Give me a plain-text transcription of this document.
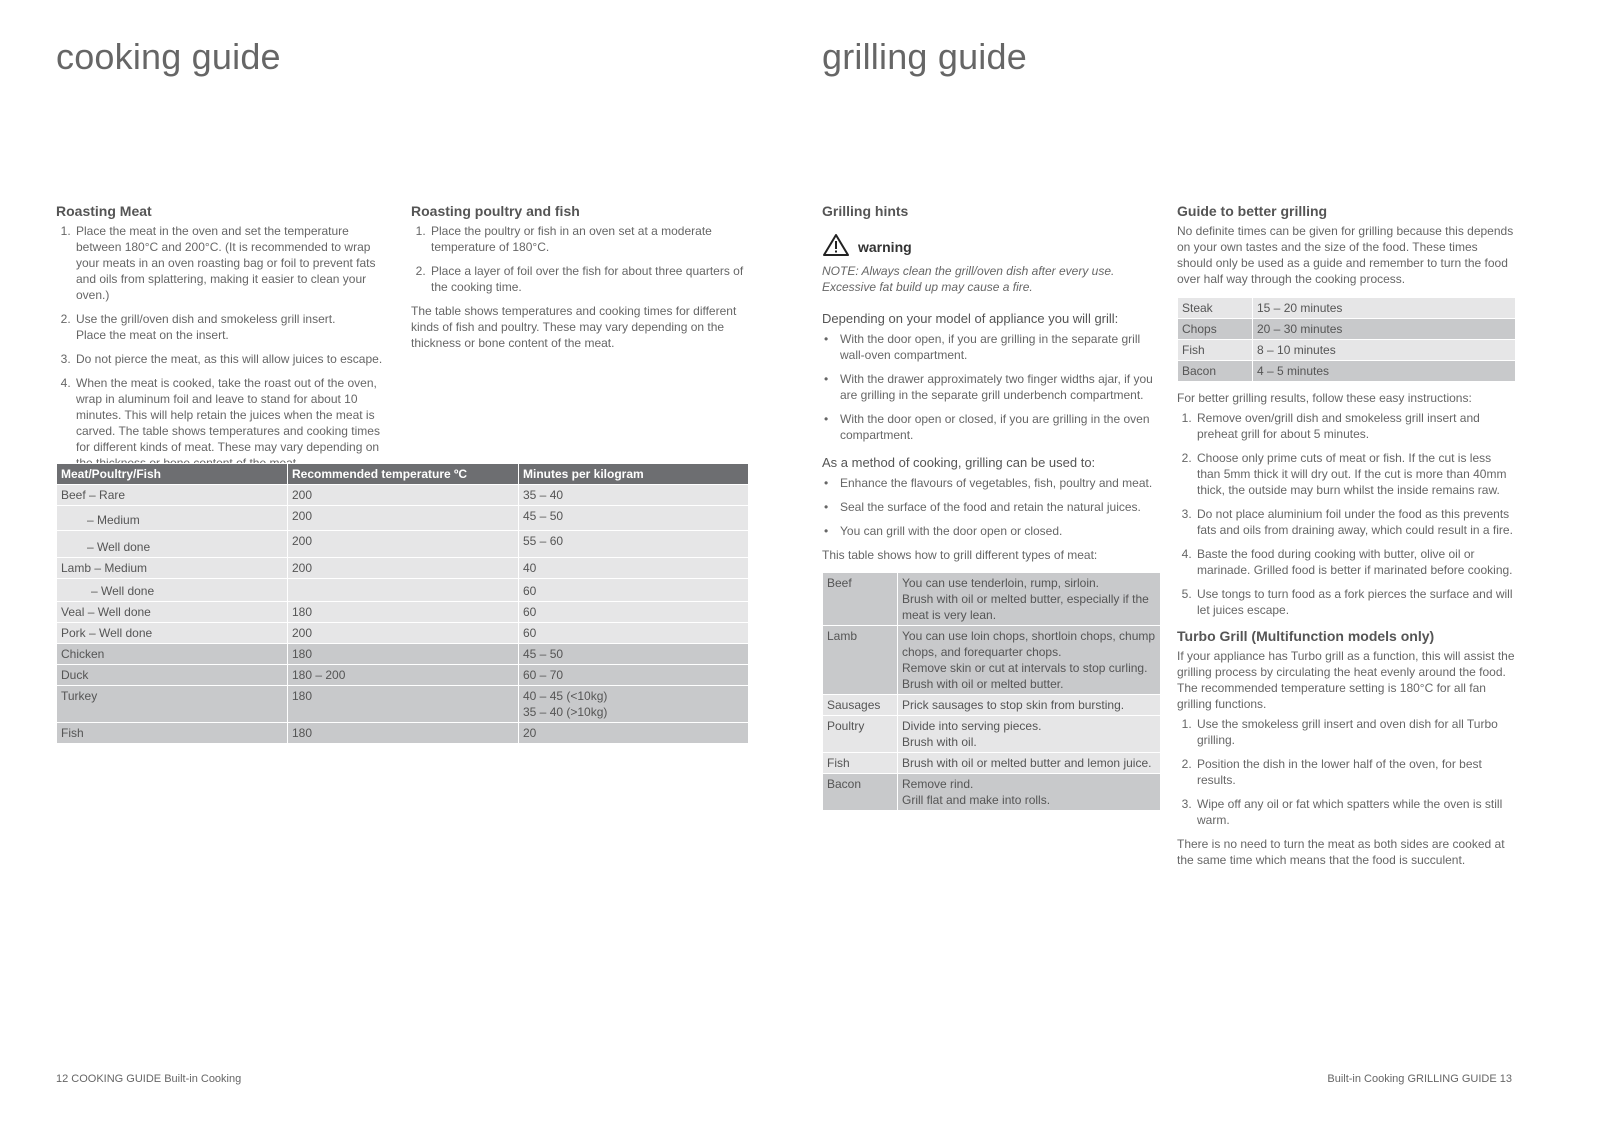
cooking guide
Roasting Meat
1. Place the meat in the oven and set the temperature between 180°C and 200°C. (It is recommended to wrap your meats in an oven roasting bag or foil to prevent fats and oils from splattering, making it easier to clean your oven.)
2. Use the grill/oven dish and smokeless grill insert.
Place the meat on the insert.
3. Do not pierce the meat, as this will allow juices to escape.
4. When the meat is cooked, take the roast out of the oven, wrap in aluminum foil and leave to stand for about 10 minutes. This will help retain the juices when the meat is carved. The table shows temperatures and cooking times for different kinds of meat. These may vary depending on
Roasting poultry and fish
1. Place the poultry or fish in an oven set at a moderate temperature of 180°C.
2. Place a layer of foil over the fish for about three quarters of the cooking time.

The table shows temperatures and cooking times for different kinds of fish and poultry. These may vary depending on the thickness or bone content of the meat.

Meat/Poultry/Fish	Recommended temperature ºC	Minutes per kilogram
Beef – Rare	200	35 – 40
– Medium	200	45 – 50
– Well done	200	55 – 60
Lamb – Medium	200	40
– Well done		60
Veal – Well done	180	60
Pork – Well done	200	60
Chicken	180	45 – 50
Duck	180 – 200	60 – 70
Turkey	180	40 – 45 (<10kg)
35 – 40 (>10kg)
Fish	180	20
12 COOKING GUIDE Built-in Cooking
grilling guide
Grilling hints
warning

NOTE: Always clean the grill/oven dish after every use. Excessive fat build up may cause a fire.

Depending on your model of appliance you will grill:

• With the door open, if you are grilling in the separate grill wall-oven compartment.
• With the drawer approximately two finger widths ajar, if you are grilling in the separate grill underbench compartment.
• With the door open or closed, if you are grilling in the oven compartment.

As a method of cooking, grilling can be used to:

• Enhance the flavours of vegetables, fish, poultry and meat.
• Seal the surface of the food and retain the natural juices.
• You can grill with the door open or closed.

This table shows how to grill different types of meat:

Beef	You can use tenderloin, rump, sirloin.
Brush with oil or melted butter, especially if the meat is very lean.
Lamb	You can use loin chops, shortloin chops, chump chops, and forequarter chops.
Remove skin or cut at intervals to stop curling.
Brush with oil or melted butter.
Sausages	Prick sausages to stop skin from bursting.
Poultry	Divide into serving pieces.
Brush with oil.
Fish	Brush with oil or melted butter and lemon juice.
Bacon	Remove rind.
Grill flat and make into rolls.
Guide to better grilling

No definite times can be given for grilling because this depends on your own tastes and the size of the food. These times should only be used as a guide and remember to turn the food over half way through the cooking process.

Steak	15 – 20 minutes
Chops	20 – 30 minutes
Fish	8 – 10 minutes
Bacon	4 – 5 minutes

For better grilling results, follow these easy instructions:

1. Remove oven/grill dish and smokeless grill insert and preheat grill for about 5 minutes.
2. Choose only prime cuts of meat or fish. If the cut is less than 5mm thick it will dry out. If the cut is more than 40mm thick, the outside may burn whilst the inside remains raw.
3. Do not place aluminium foil under the food as this prevents fats and oils from draining away, which could result in a fire.
4. Baste the food during cooking with butter, olive oil or marinade. Grilled food is better if marinated before cooking.
5. Use tongs to turn food as a fork pierces the surface and will let juices escape.
Turbo Grill (Multifunction models only)

If your appliance has Turbo grill as a function, this will assist the grilling process by circulating the heat evenly around the food. The recommended temperature setting is 180°C for all fan grilling functions.

1. Use the smokeless grill insert and oven dish for all Turbo grilling.
2. Position the dish in the lower half of the oven, for best results.
3. Wipe off any oil or fat which spatters while the oven is still warm.

There is no need to turn the meat as both sides are cooked at the same time which means that the food is succulent.

Built-in Cooking GRILLING GUIDE 13
